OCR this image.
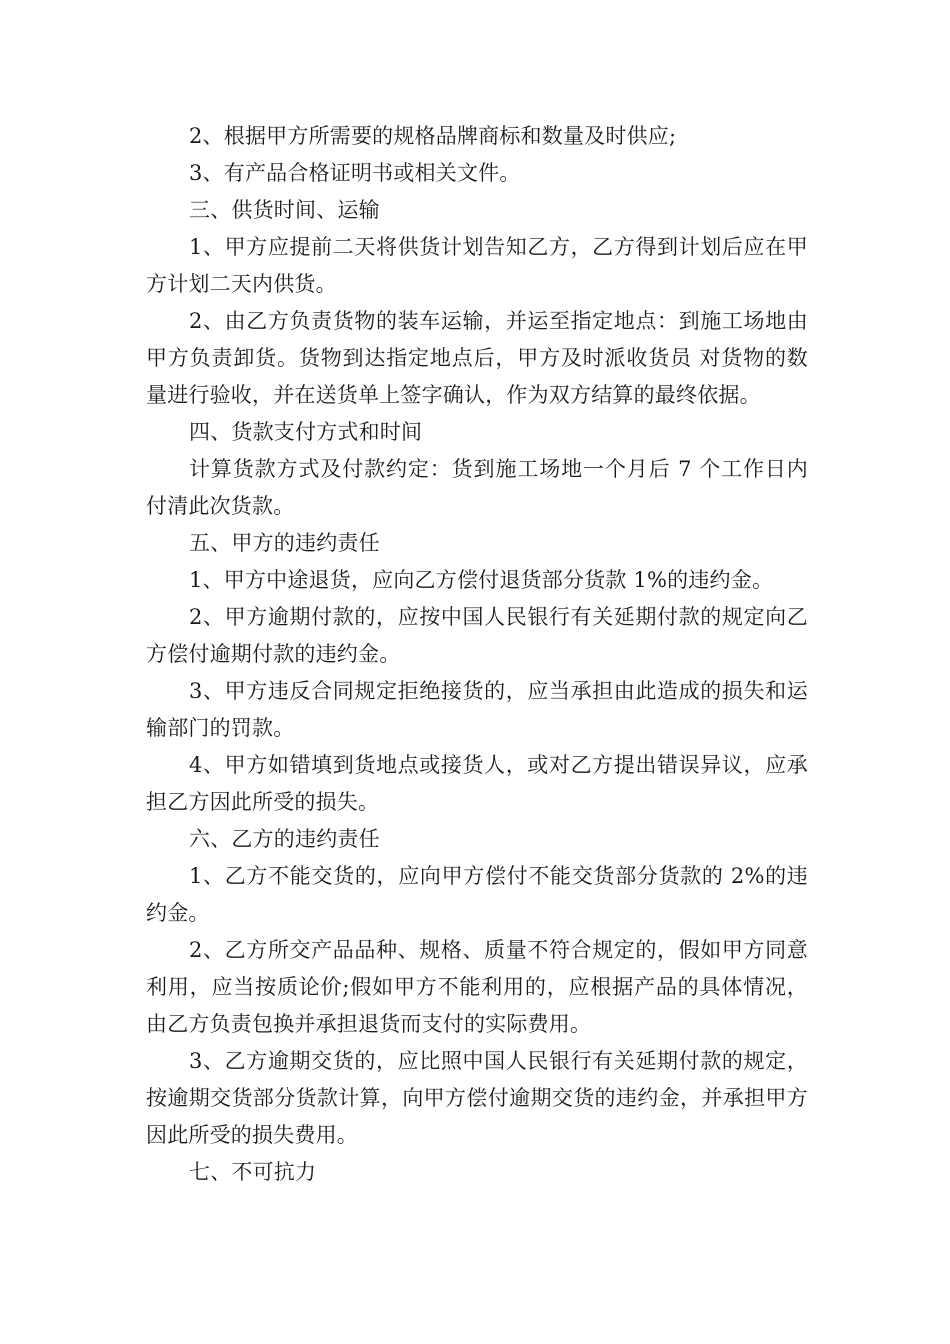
2、根据甲方所需要的规格品牌商标和数量及时供应;

3、有产品合格证明书或相关文件。

三、供货时间、运输

1、甲方应提前二天将供货计划告知乙方，乙方得到计划后应在甲方计划二天内供货。

2、由乙方负责货物的装车运输，并运至指定地点：到施工场地由甲方负责卸货。货物到达指定地点后，甲方及时派收货员 对货物的数量进行验收，并在送货单上签字确认，作为双方结算的最终依据。

四、货款支付方式和时间

计算货款方式及付款约定：货到施工场地一个月后 7 个工作日内付清此次货款。

五、甲方的违约责任

1、甲方中途退货，应向乙方偿付退货部分货款 1%的违约金。

2、甲方逾期付款的，应按中国人民银行有关延期付款的规定向乙方偿付逾期付款的违约金。

3、甲方违反合同规定拒绝接货的，应当承担由此造成的损失和运输部门的罚款。

4、甲方如错填到货地点或接货人，或对乙方提出错误异议，应承担乙方因此所受的损失。

六、乙方的违约责任

1、乙方不能交货的，应向甲方偿付不能交货部分货款的 2%的违约金。

2、乙方所交产品品种、规格、质量不符合规定的，假如甲方同意利用，应当按质论价;假如甲方不能利用的，应根据产品的具体情况，由乙方负责包换并承担退货而支付的实际费用。

3、乙方逾期交货的，应比照中国人民银行有关延期付款的规定，按逾期交货部分货款计算，向甲方偿付逾期交货的违约金，并承担甲方因此所受的损失费用。

七、不可抗力
